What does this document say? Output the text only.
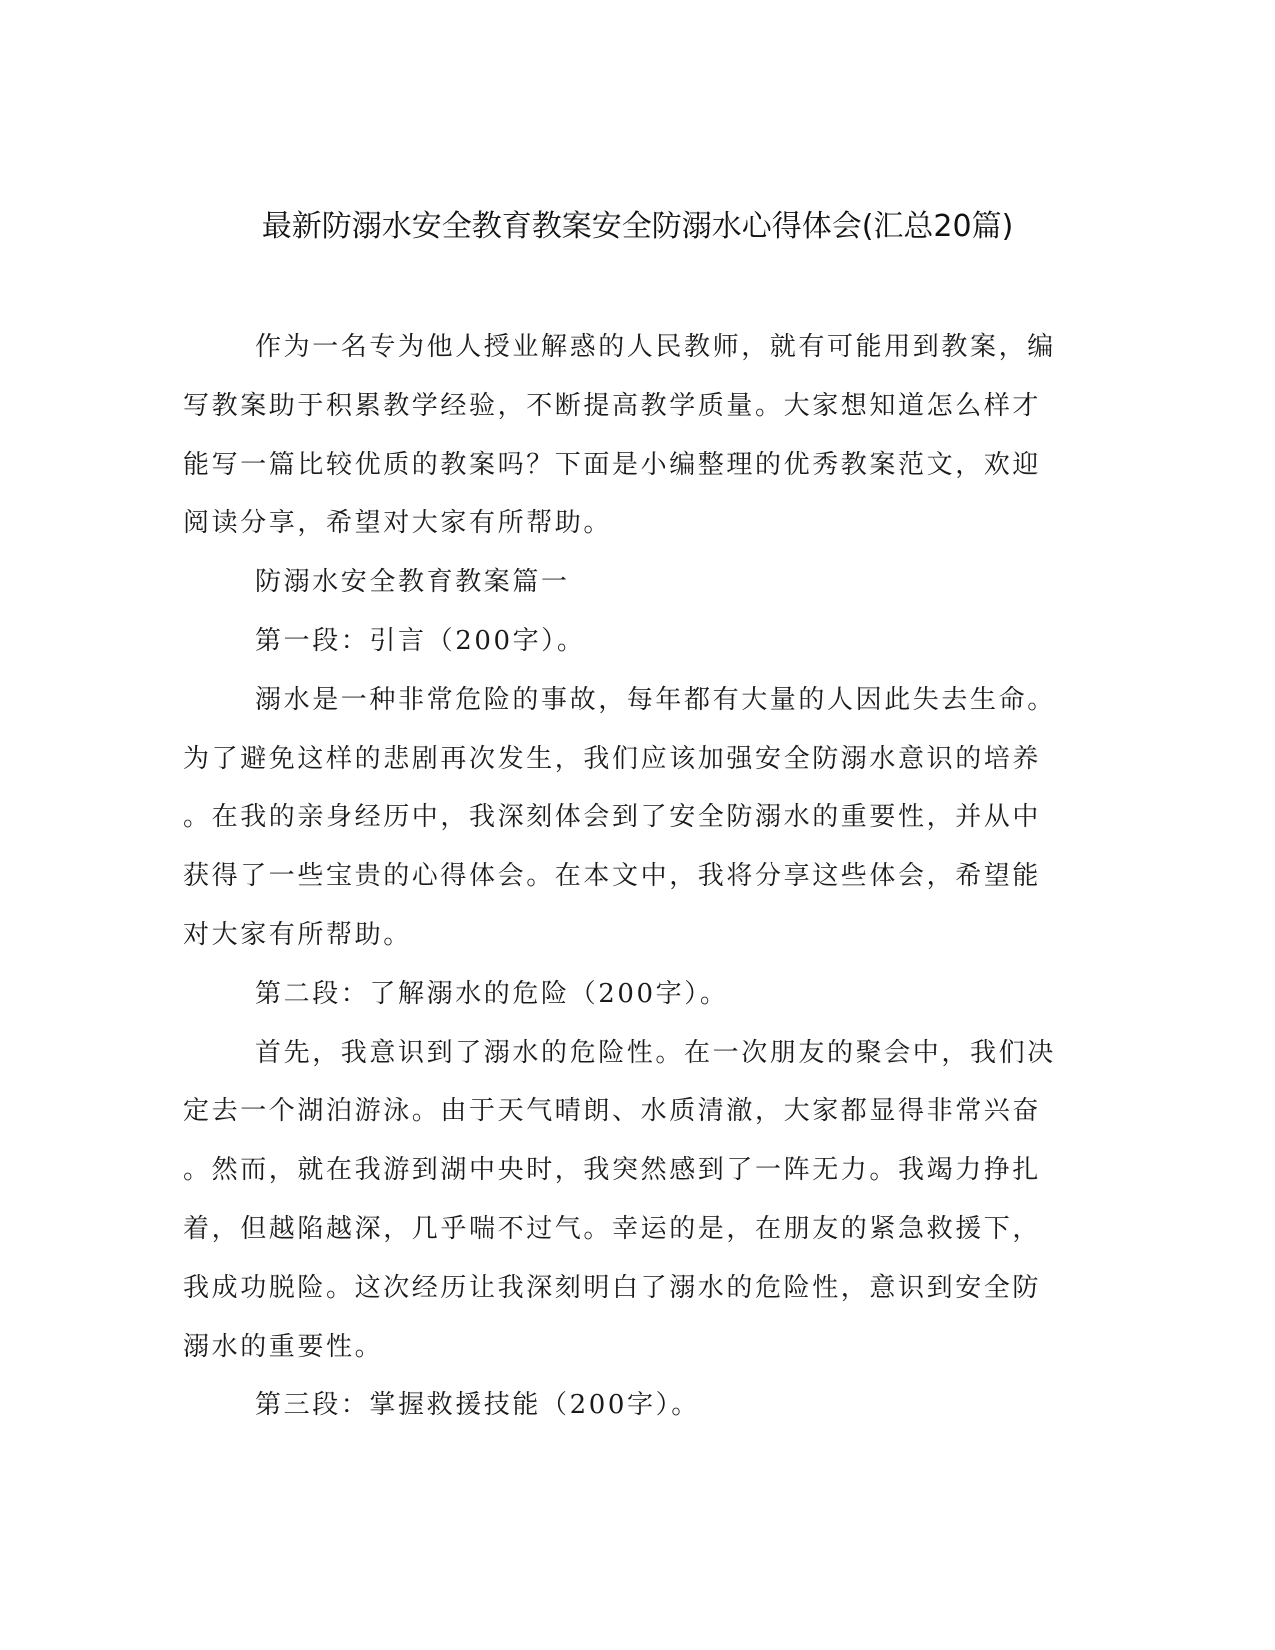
最新防溺水安全教育教案安全防溺水心得体会(汇总20篇)
作为一名专为他人授业解惑的人民教师，就有可能用到教案，编
写教案助于积累教学经验，不断提高教学质量。大家想知道怎么样才
能写一篇比较优质的教案吗？下面是小编整理的优秀教案范文，欢迎
阅读分享，希望对大家有所帮助。
防溺水安全教育教案篇一
第一段：引言（200字）。
溺水是一种非常危险的事故，每年都有大量的人因此失去生命。
为了避免这样的悲剧再次发生，我们应该加强安全防溺水意识的培养
。在我的亲身经历中，我深刻体会到了安全防溺水的重要性，并从中
获得了一些宝贵的心得体会。在本文中，我将分享这些体会，希望能
对大家有所帮助。
第二段：了解溺水的危险（200字）。
首先，我意识到了溺水的危险性。在一次朋友的聚会中，我们决
定去一个湖泊游泳。由于天气晴朗、水质清澈，大家都显得非常兴奋
。然而，就在我游到湖中央时，我突然感到了一阵无力。我竭力挣扎
着，但越陷越深，几乎喘不过气。幸运的是，在朋友的紧急救援下，
我成功脱险。这次经历让我深刻明白了溺水的危险性，意识到安全防
溺水的重要性。
第三段：掌握救援技能（200字）。
